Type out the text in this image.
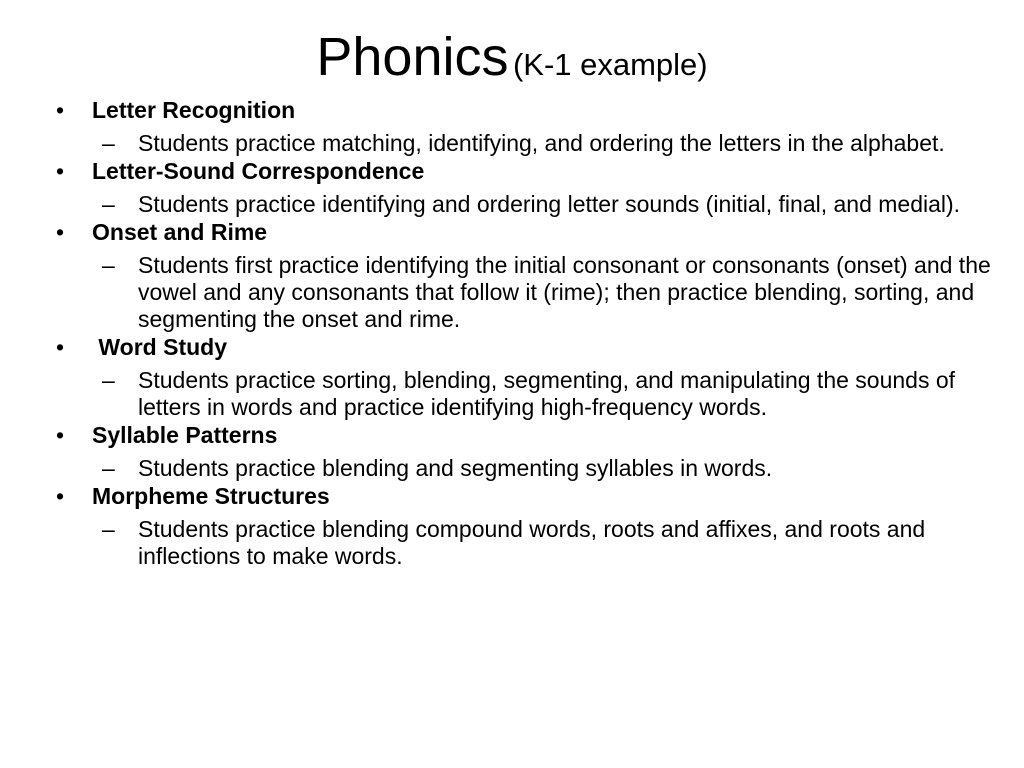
Phonics (K-1 example)
• Letter Recognition
– Students practice matching, identifying, and ordering the letters in the alphabet.
• Letter-Sound Correspondence
– Students practice identifying and ordering letter sounds (initial, final, and medial).
• Onset and Rime
– Students first practice identifying the initial consonant or consonants (onset) and the vowel and any consonants that follow it (rime); then practice blending, sorting, and segmenting the onset and rime.
• Word Study
– Students practice sorting, blending, segmenting, and manipulating the sounds of letters in words and practice identifying high-frequency words.
• Syllable Patterns
– Students practice blending and segmenting syllables in words.
• Morpheme Structures
– Students practice blending compound words, roots and affixes, and roots and inflections to make words.
